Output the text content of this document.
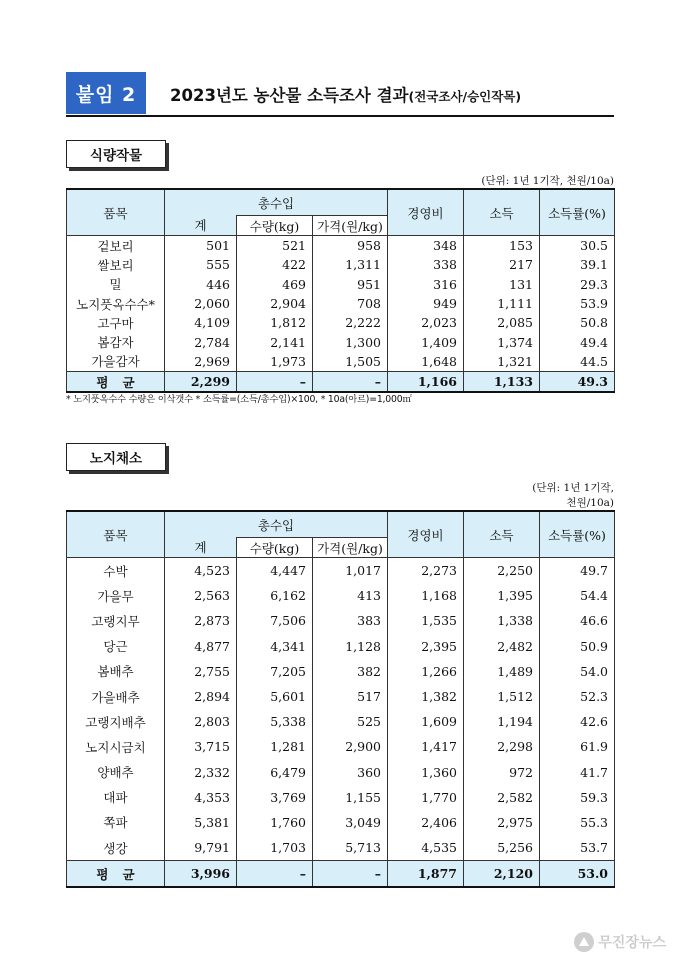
붙임 2	2023년도 농산물 소득조사 결과(전국조사/승인작목)
식량작물
(단위: 1년 1기작, 천원/10a)
품목	총수입			경영비	소득	소득률(%)
	계	수량(kg)	가격(원/kg)			
겉보리	501	521	958	348	153	30.5
쌀보리	555	422	1,311	338	217	39.1
밀	446	469	951	316	131	29.3
노지풋옥수수*	2,060	2,904	708	949	1,111	53.9
고구마	4,109	1,812	2,222	2,023	2,085	50.8
봄감자	2,784	2,141	1,300	1,409	1,374	49.4
가을감자	2,969	1,973	1,505	1,648	1,321	44.5
평균	2,299	–	–	1,166	1,133	49.3
* 노지풋옥수수 수량은 이삭갯수 * 소득률=(소득/총수입)×100, * 10a(아르)=1,000㎡
노지채소
(단위: 1년 1기작,
천원/10a)
품목	총수입			경영비	소득	소득률(%)
	계	수량(kg)	가격(원/kg)			
수박	4,523	4,447	1,017	2,273	2,250	49.7
가을무	2,563	6,162	413	1,168	1,395	54.4
고랭지무	2,873	7,506	383	1,535	1,338	46.6
당근	4,877	4,341	1,128	2,395	2,482	50.9
봄배추	2,755	7,205	382	1,266	1,489	54.0
가을배추	2,894	5,601	517	1,382	1,512	52.3
고랭지배추	2,803	5,338	525	1,609	1,194	42.6
노지시금치	3,715	1,281	2,900	1,417	2,298	61.9
양배추	2,332	6,479	360	1,360	972	41.7
대파	4,353	3,769	1,155	1,770	2,582	59.3
쪽파	5,381	1,760	3,049	2,406	2,975	55.3
생강	9,791	1,703	5,713	4,535	5,256	53.7
평균	3,996	–	–	1,877	2,120	53.0
무진장뉴스
